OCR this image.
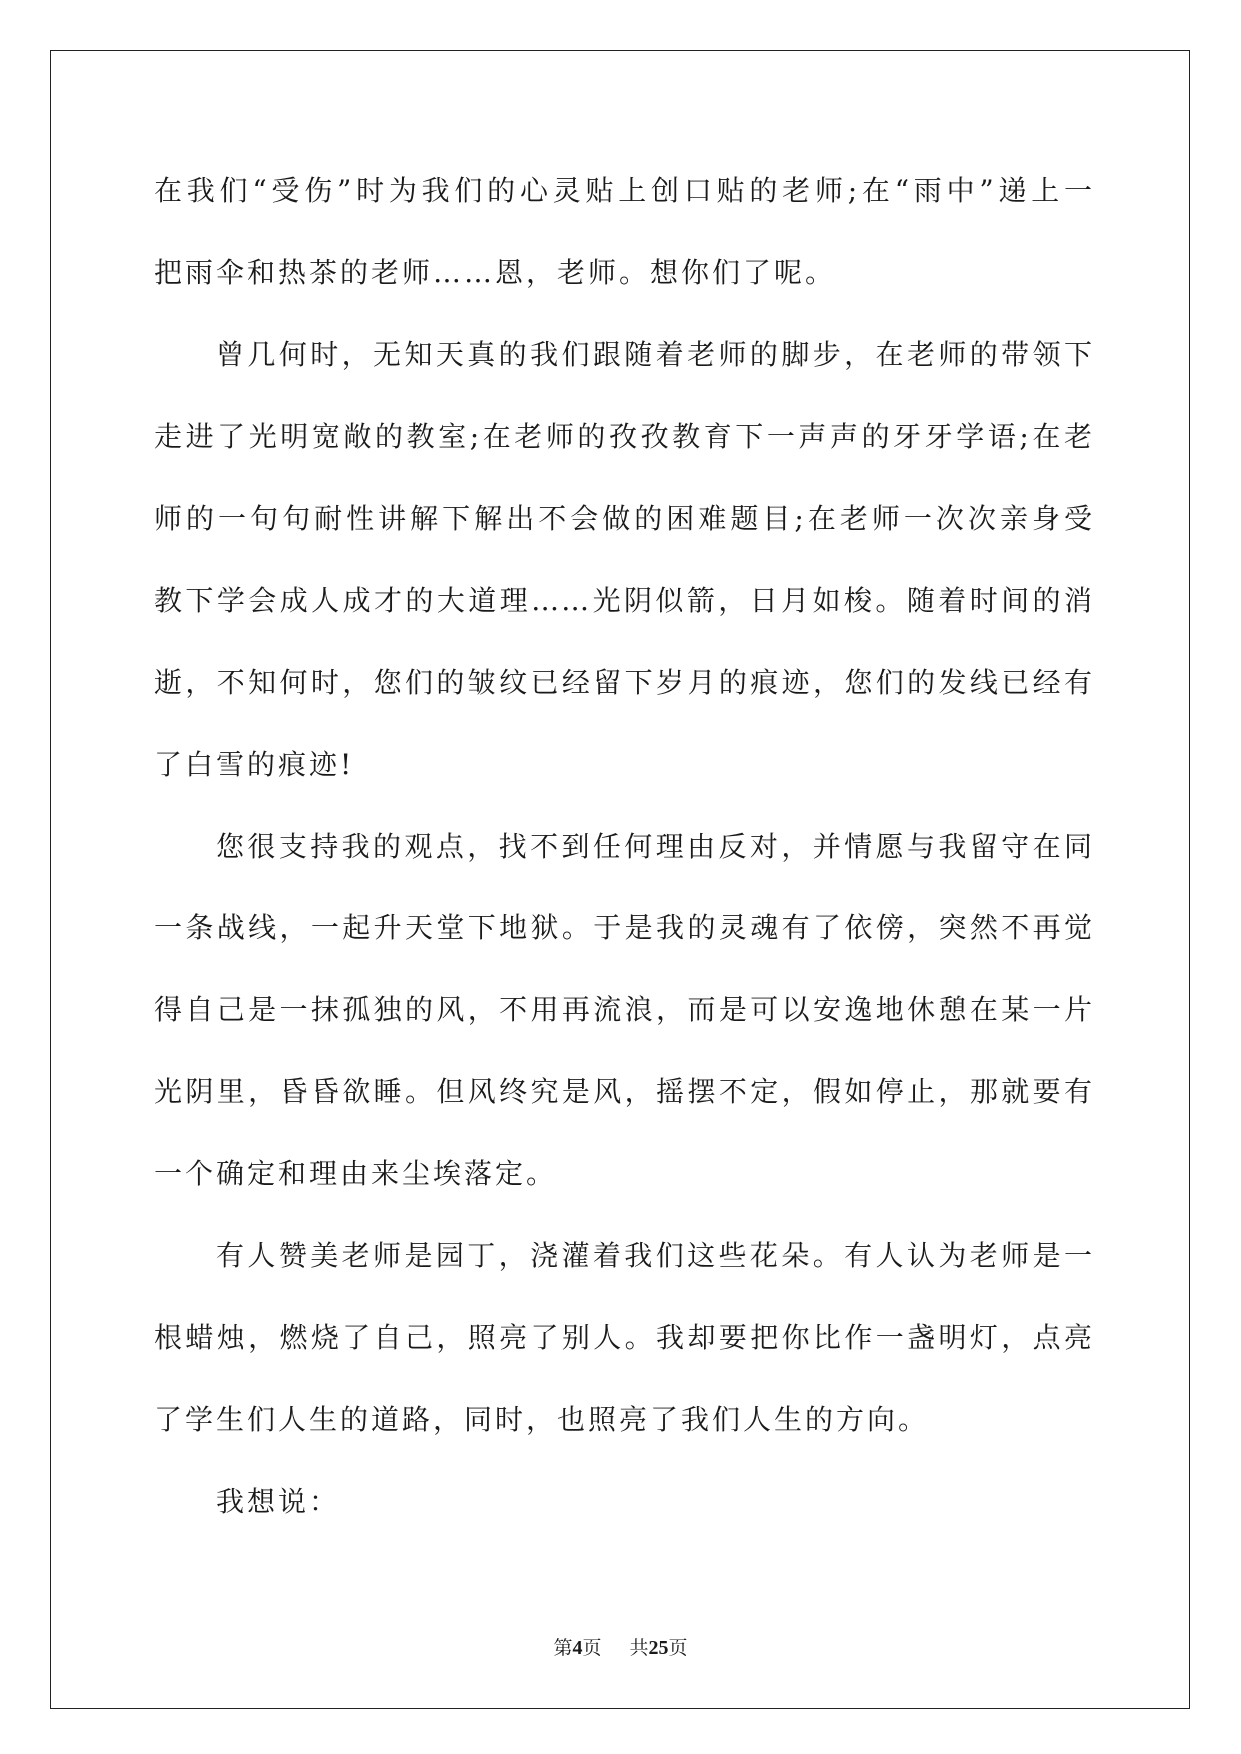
在我们“受伤”时为我们的心灵贴上创口贴的老师;在“雨中”递上一
把雨伞和热茶的老师……恩，老师。想你们了呢。
曾几何时，无知天真的我们跟随着老师的脚步，在老师的带领下
走进了光明宽敞的教室;在老师的孜孜教育下一声声的牙牙学语;在老
师的一句句耐性讲解下解出不会做的困难题目;在老师一次次亲身受
教下学会成人成才的大道理……光阴似箭，日月如梭。随着时间的消
逝，不知何时，您们的皱纹已经留下岁月的痕迹，您们的发线已经有
了白雪的痕迹!
您很支持我的观点，找不到任何理由反对，并情愿与我留守在同
一条战线，一起升天堂下地狱。于是我的灵魂有了依傍，突然不再觉
得自己是一抹孤独的风，不用再流浪，而是可以安逸地休憩在某一片
光阴里，昏昏欲睡。但风终究是风，摇摆不定，假如停止，那就要有
一个确定和理由来尘埃落定。
有人赞美老师是园丁，浇灌着我们这些花朵。有人认为老师是一
根蜡烛，燃烧了自己，照亮了别人。我却要把你比作一盏明灯，点亮
了学生们人生的道路，同时，也照亮了我们人生的方向。
我想说：
第4页 共25页
